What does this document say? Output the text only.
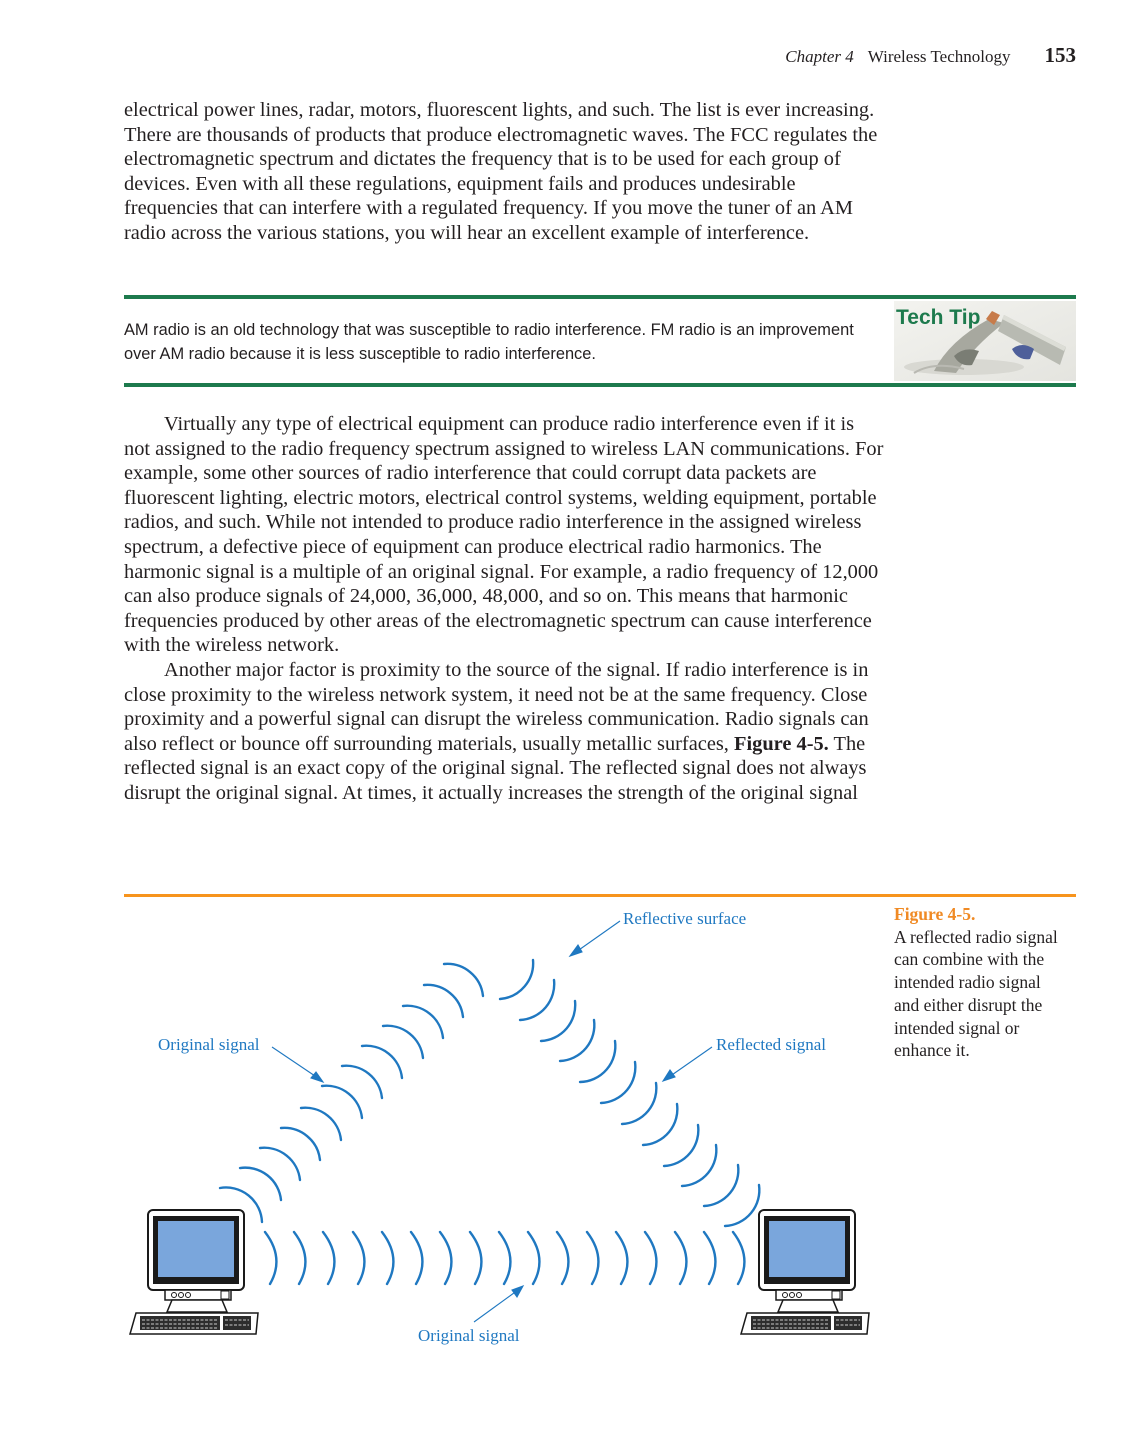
Chapter 4 Wireless Technology 153

electrical power lines, radar, motors, fluorescent lights, and such. The list is ever increasing. There are thousands of products that produce electromagnetic waves. The FCC regulates the electromagnetic spectrum and dictates the frequency that is to be used for each group of devices. Even with all these regulations, equipment fails and produces undesirable frequencies that can interfere with a regulated frequency. If you move the tuner of an AM radio across the various stations, you will hear an excellent example of interference.

AM radio is an old technology that was susceptible to radio interference. FM radio is an improvement over AM radio because it is less susceptible to radio interference.
Tech Tip

Virtually any type of electrical equipment can produce radio interference even if it is not assigned to the radio frequency spectrum assigned to wireless LAN communications. For example, some other sources of radio interference that could corrupt data packets are fluorescent lighting, electric motors, electrical control systems, welding equipment, portable radios, and such. While not intended to produce radio interference in the assigned wireless spectrum, a defective piece of equipment can produce electrical radio harmonics. The harmonic signal is a multiple of an original signal. For example, a radio frequency of 12,000 can also produce signals of 24,000, 36,000, 48,000, and so on. This means that harmonic frequencies produced by other areas of the electromagnetic spectrum can cause interference with the wireless network.

Another major factor is proximity to the source of the signal. If radio interference is in close proximity to the wireless network system, it need not be at the same frequency. Close proximity and a powerful signal can disrupt the wireless communication. Radio signals can also reflect or bounce off surrounding materials, usually metallic surfaces, Figure 4-5. The reflected signal is an exact copy of the original signal. The reflected signal does not always disrupt the original signal. At times, it actually increases the strength of the original signal

Figure 4-5.
A reflected radio signal can combine with the intended radio signal and either disrupt the intended signal or enhance it.
Reflective surface
Original signal	Reflected signal
Original signal
